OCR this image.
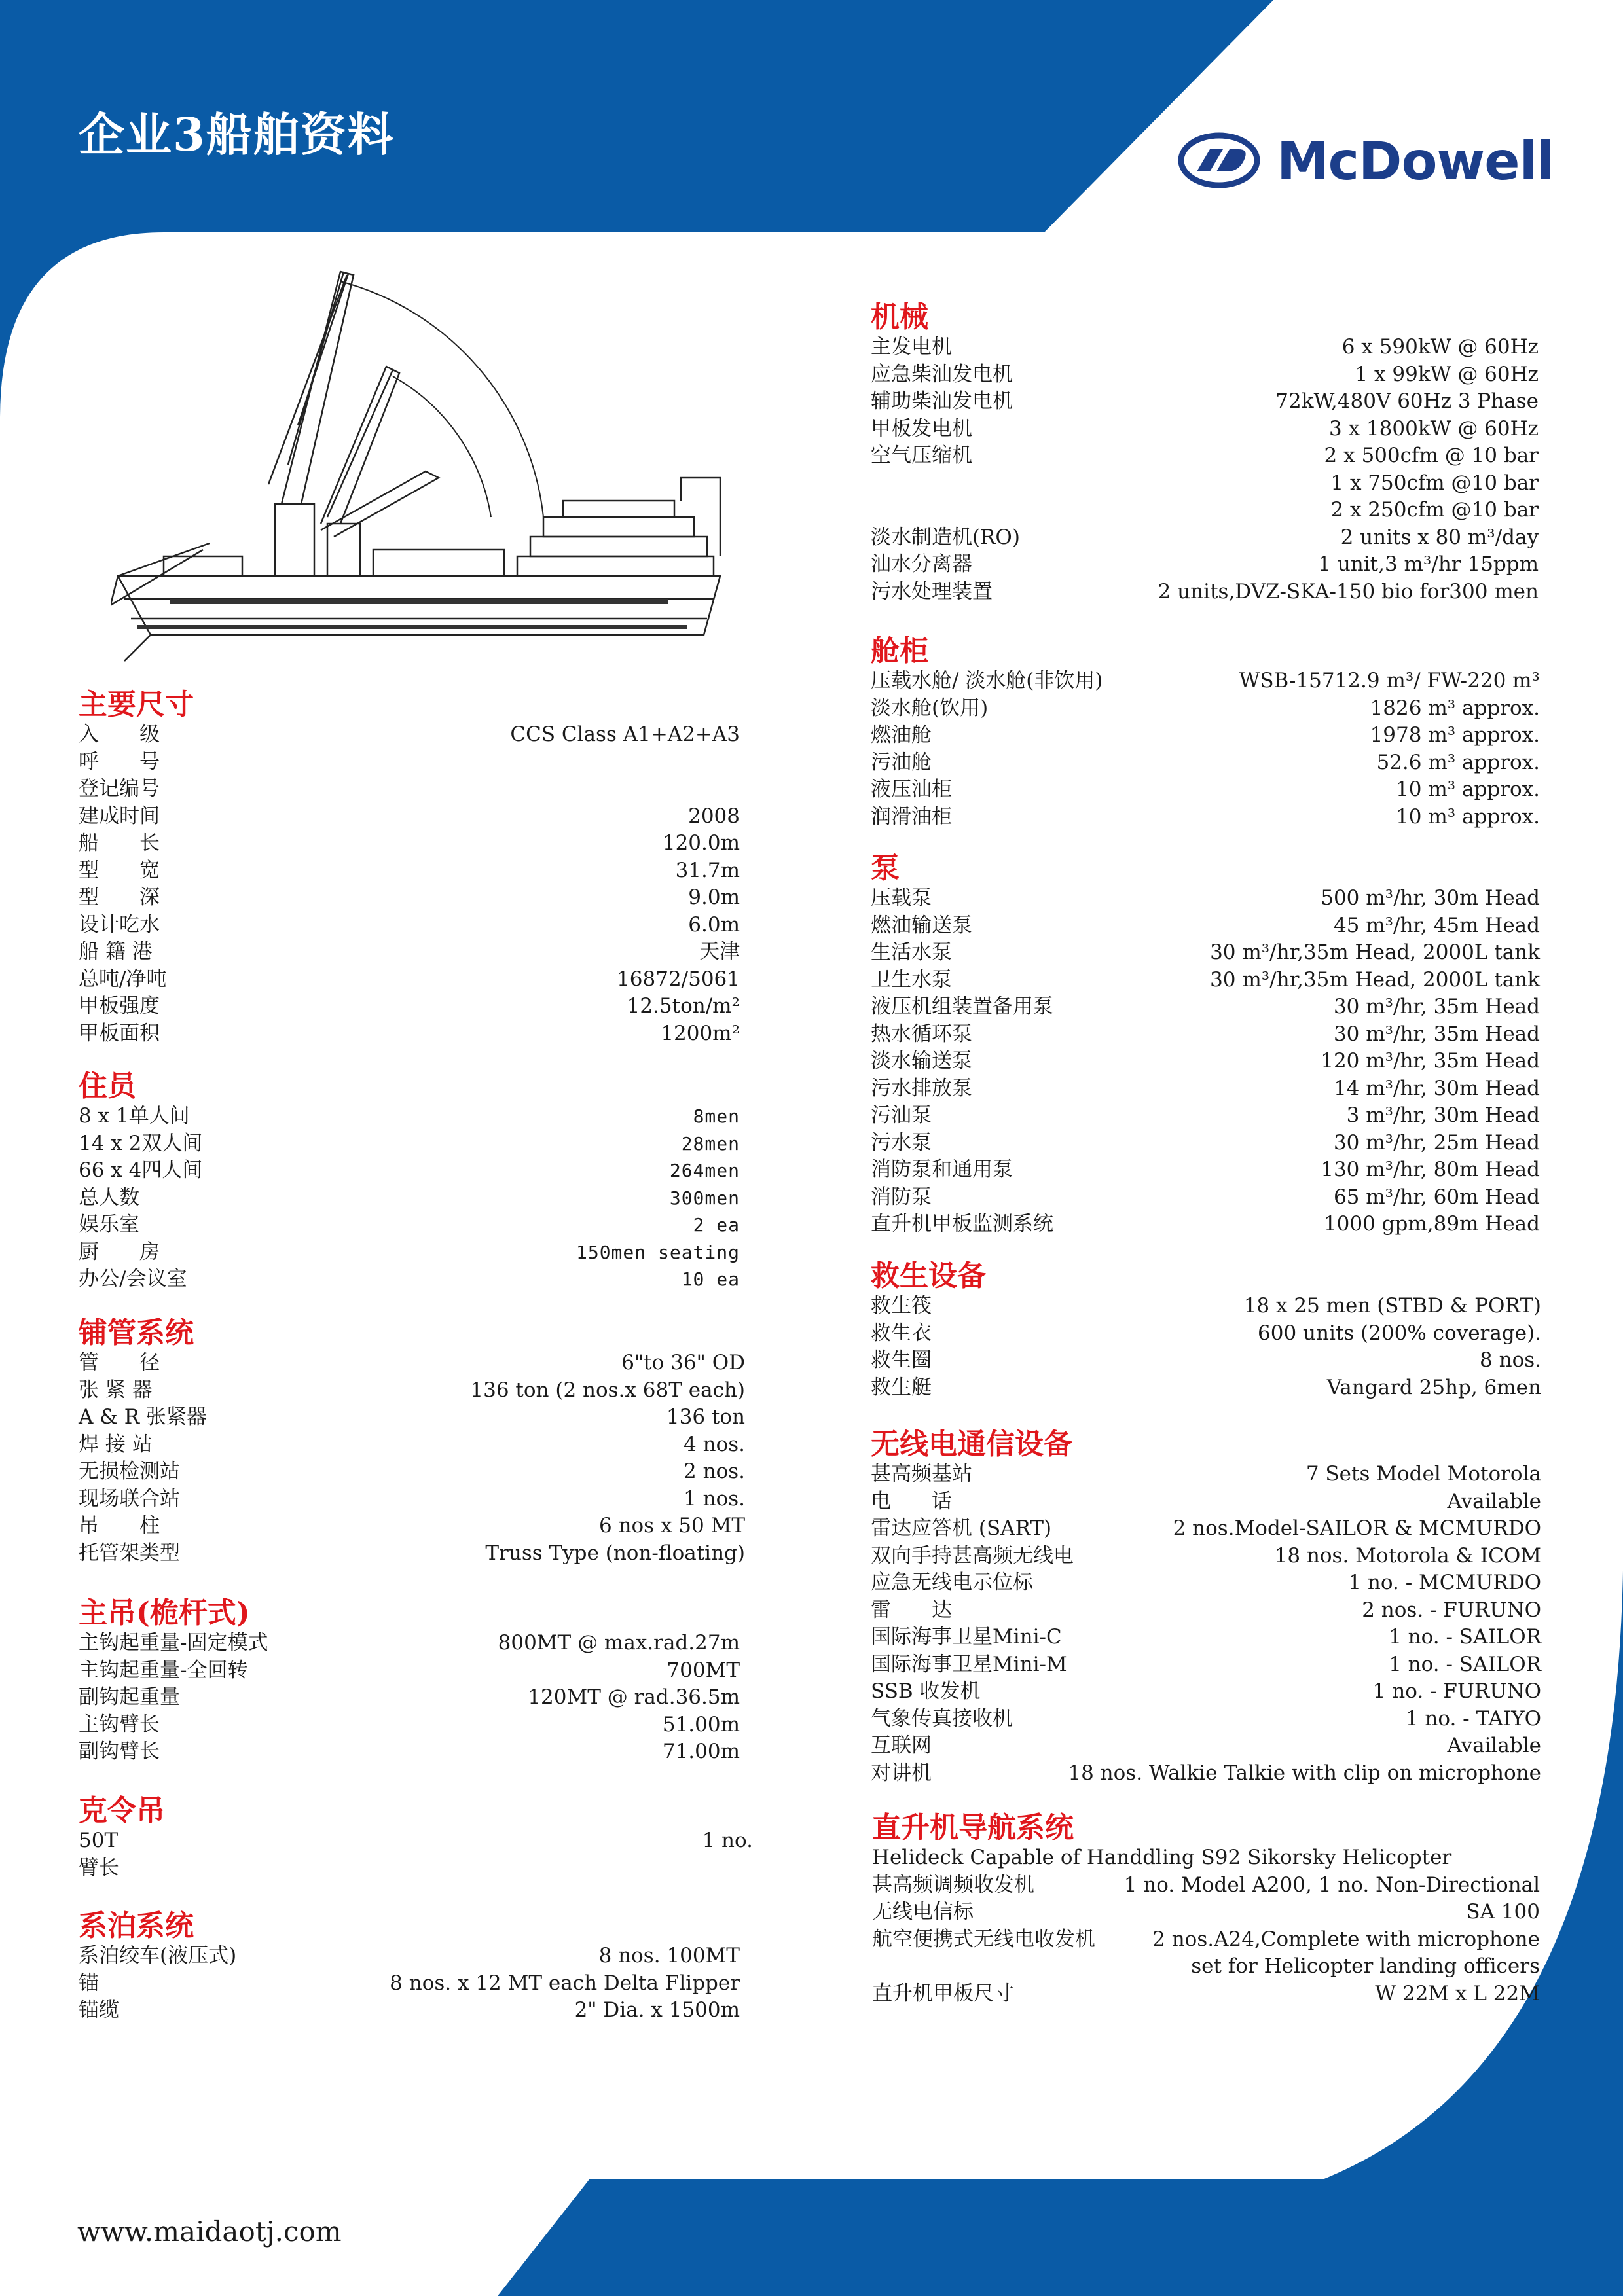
企业3船舶资料	McDowell
主要尺寸
入　　级	CCS Class A1+A2+A3
呼　　号
登记编号
建成时间	2008
船　　长	120.0m
型　　宽	31.7m
型　　深	9.0m
设计吃水	6.0m
船 籍 港	天津
总吨/净吨	16872/5061
甲板强度	12.5ton/m²
甲板面积	1200m²
住员
8 x 1单人间	8men
14 x 2双人间	28men
66 x 4四人间	264men
总人数	300men
娱乐室	2 ea
厨　　房	150men seating
办公/会议室	10 ea
铺管系统
管　　径	6"to 36" OD
张 紧 器	136 ton (2 nos.x 68T each)
A & R 张紧器	136 ton
焊 接 站	4 nos.
无损检测站	2 nos.
现场联合站	1 nos.
吊　　柱	6 nos x 50 MT
托管架类型	Truss Type (non-floating)
主吊(桅杆式)
主钩起重量-固定模式	800MT @ max.rad.27m
主钩起重量-全回转	700MT
副钩起重量	120MT @ rad.36.5m
主钩臂长	51.00m
副钩臂长	71.00m
克令吊
50T	1 no.
臂长
系泊系统
系泊绞车(液压式)	8 nos. 100MT
锚	8 nos. x 12 MT each Delta Flipper
锚缆	2" Dia. x 1500m
机械
主发电机	6 x 590kW @ 60Hz
应急柴油发电机	1 x 99kW @ 60Hz
辅助柴油发电机	72kW,480V 60Hz 3 Phase
甲板发电机	3 x 1800kW @ 60Hz
空气压缩机	2 x 500cfm @ 10 bar
1 x 750cfm @10 bar
2 x 250cfm @10 bar
淡水制造机(RO)	2 units x 80 m³/day
油水分离器	1 unit,3 m³/hr 15ppm
污水处理装置	2 units,DVZ-SKA-150 bio for300 men
舱柜
压载水舱/ 淡水舱(非饮用)	WSB-15712.9 m³/ FW-220 m³
淡水舱(饮用)	1826 m³ approx.
燃油舱	1978 m³ approx.
污油舱	52.6 m³ approx.
液压油柜	10 m³ approx.
润滑油柜	10 m³ approx.
泵
压载泵	500 m³/hr, 30m Head
燃油输送泵	45 m³/hr, 45m Head
生活水泵	30 m³/hr,35m Head, 2000L tank
卫生水泵	30 m³/hr,35m Head, 2000L tank
液压机组装置备用泵	30 m³/hr, 35m Head
热水循环泵	30 m³/hr, 35m Head
淡水输送泵	120 m³/hr, 35m Head
污水排放泵	14 m³/hr, 30m Head
污油泵	3 m³/hr, 30m Head
污水泵	30 m³/hr, 25m Head
消防泵和通用泵	130 m³/hr, 80m Head
消防泵	65 m³/hr, 60m Head
直升机甲板监测系统	1000 gpm,89m Head
救生设备
救生筏	18 x 25 men (STBD & PORT)
救生衣	600 units (200% coverage).
救生圈	8 nos.
救生艇	Vangard 25hp, 6men
无线电通信设备
甚高频基站	7 Sets Model Motorola
电　　话	Available
雷达应答机 (SART)	2 nos.Model-SAILOR & MCMURDO
双向手持甚高频无线电	18 nos. Motorola & ICOM
应急无线电示位标	1 no. - MCMURDO
雷　　达	2 nos. - FURUNO
国际海事卫星Mini-C	1 no. - SAILOR
国际海事卫星Mini-M	1 no. - SAILOR
SSB 收发机	1 no. - FURUNO
气象传真接收机	1 no. - TAIYO
互联网	Available
对讲机	18 nos. Walkie Talkie with clip on microphone
直升机导航系统
Helideck Capable of Handdling S92 Sikorsky Helicopter
甚高频调频收发机	1 no. Model A200, 1 no. Non-Directional
无线电信标	SA 100
航空便携式无线电收发机	2 nos.A24,Complete with microphone
set for Helicopter landing officers
直升机甲板尺寸	W 22M x L 22M
www.maidaotj.com
